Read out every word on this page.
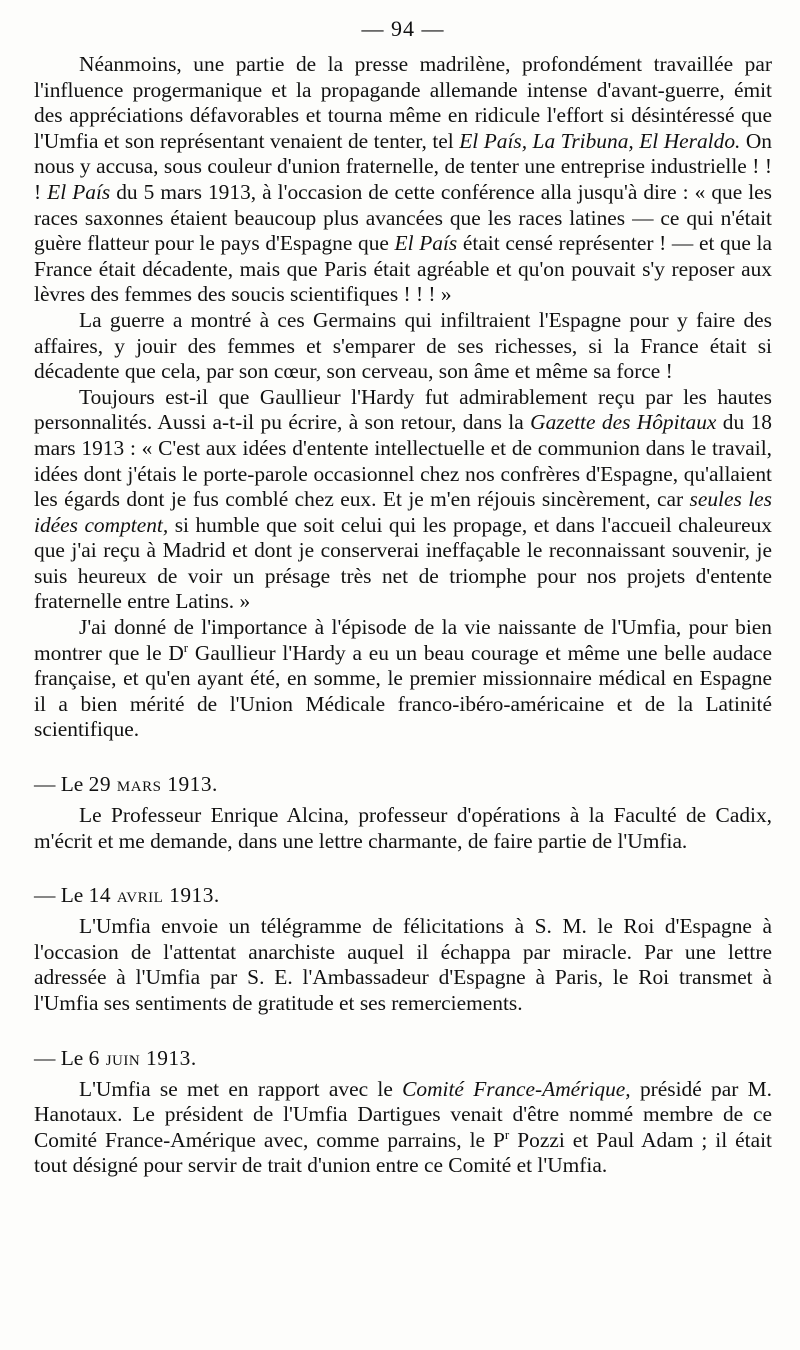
— 94 —

Néanmoins, une partie de la presse madrilène, profondément travaillée par l'influence progermanique et la propagande allemande intense d'avant-guerre, émit des appréciations défavorables et tourna même en ridicule l'effort si désintéressé que l'Umfia et son représentant venaient de tenter, tel El País, La Tribuna, El Heraldo. On nous y accusa, sous couleur d'union fraternelle, de tenter une entreprise industrielle ! ! ! El País du 5 mars 1913, à l'occasion de cette conférence alla jusqu'à dire : « que les races saxonnes étaient beaucoup plus avancées que les races latines — ce qui n'était guère flatteur pour le pays d'Espagne que El País était censé représenter ! — et que la France était décadente, mais que Paris était agréable et qu'on pouvait s'y reposer aux lèvres des femmes des soucis scientifiques ! ! ! »

La guerre a montré à ces Germains qui infiltraient l'Espagne pour y faire des affaires, y jouir des femmes et s'emparer de ses richesses, si la France était si décadente que cela, par son cœur, son cerveau, son âme et même sa force !

Toujours est-il que Gaullieur l'Hardy fut admirablement reçu par les hautes personnalités. Aussi a-t-il pu écrire, à son retour, dans la Gazette des Hôpitaux du 18 mars 1913 : « C'est aux idées d'entente intellectuelle et de communion dans le travail, idées dont j'étais le porte-parole occasionnel chez nos confrères d'Espagne, qu'allaient les égards dont je fus comblé chez eux. Et je m'en réjouis sincèrement, car seules les idées comptent, si humble que soit celui qui les propage, et dans l'accueil chaleureux que j'ai reçu à Madrid et dont je conserverai ineffaçable le reconnaissant souvenir, je suis heureux de voir un présage très net de triomphe pour nos projets d'entente fraternelle entre Latins. »

J'ai donné de l'importance à l'épisode de la vie naissante de l'Umfia, pour bien montrer que le $D^r$ Gaullieur l'Hardy a eu un beau courage et même une belle audace française, et qu'en ayant été, en somme, le premier missionnaire médical en Espagne il a bien mérité de l'Union Médicale franco-ibéro-américaine et de la Latinité scientifique.

— Le 29 mars 1913.

Le Professeur Enrique Alcina, professeur d'opérations à la Faculté de Cadix, m'écrit et me demande, dans une lettre charmante, de faire partie de l'Umfia.

— Le 14 avril 1913.

L'Umfia envoie un télégramme de félicitations à S. M. le Roi d'Espagne à l'occasion de l'attentat anarchiste auquel il échappa par miracle. Par une lettre adressée à l'Umfia par S. E. l'Ambassadeur d'Espagne à Paris, le Roi transmet à l'Umfia ses sentiments de gratitude et ses remerciements.

— Le 6 juin 1913.

L'Umfia se met en rapport avec le Comité France-Amérique, présidé par M. Hanotaux. Le président de l'Umfia Dartigues venait d'être nommé membre de ce Comité France-Amérique avec, comme parrains, le $P^r$ Pozzi et Paul Adam ; il était tout désigné pour servir de trait d'union entre ce Comité et l'Umfia.
